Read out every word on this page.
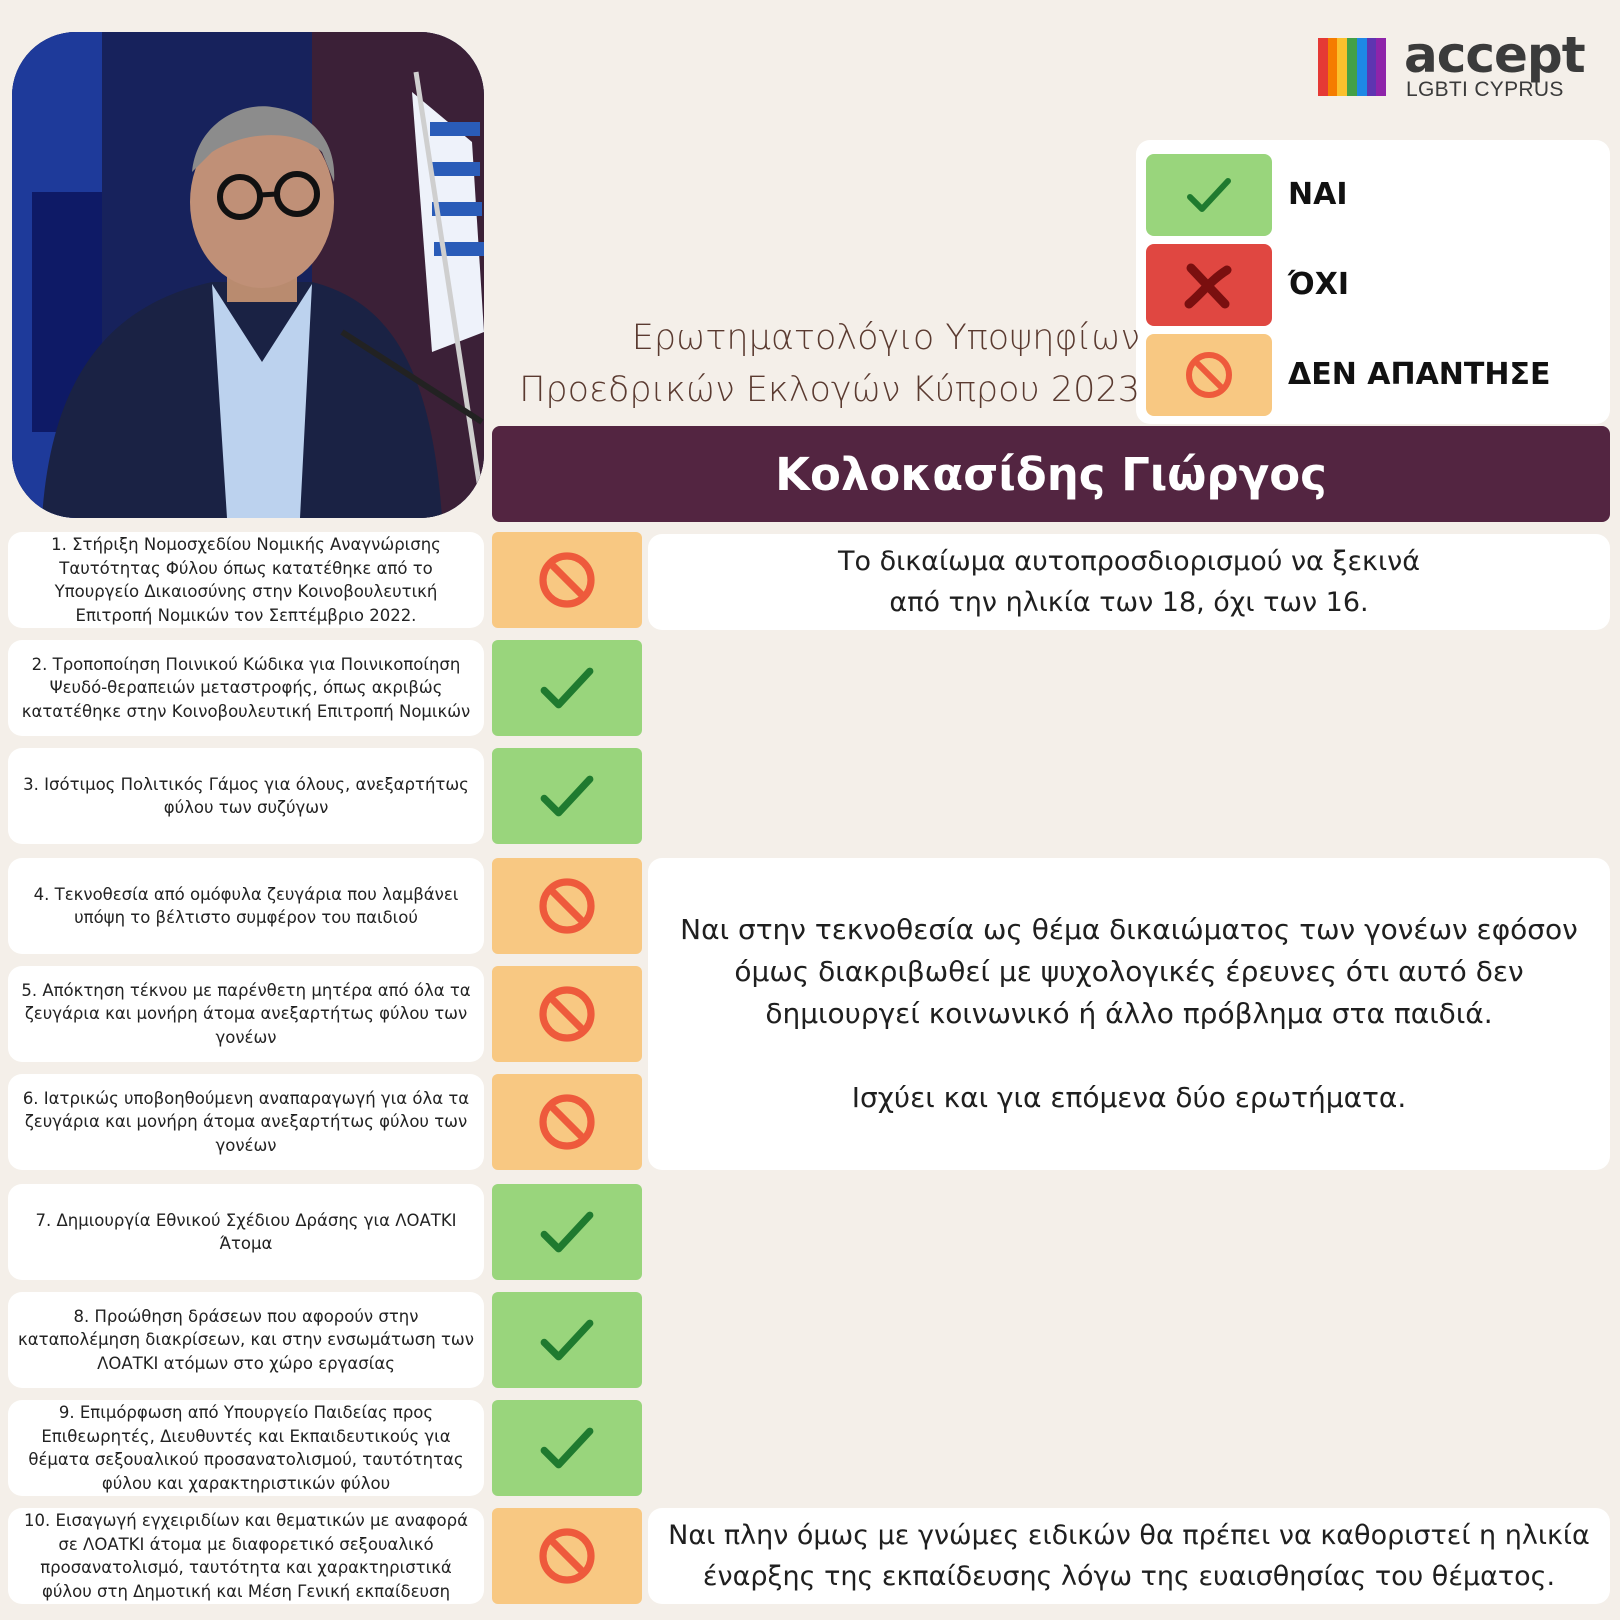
accept
LGBTI CYPRUS
ΝΑΙ
ΌΧΙ
ΔΕΝ ΑΠΑΝΤΗΣΕ
Ερωτηματολόγιο Υποψηφίων
Προεδρικών Εκλογών Κύπρου 2023
Κολοκασίδης Γιώργος
1. Στήριξη Νομοσχεδίου Νομικής Αναγνώρισης Ταυτότητας Φύλου όπως κατατέθηκε από το Υπουργείο Δικαιοσύνης στην Κοινοβουλευτική Επιτροπή Νομικών τον Σεπτέμβριο 2022.
2. Τροποποίηση Ποινικού Κώδικα για Ποινικοποίηση Ψευδό-θεραπειών μεταστροφής, όπως ακριβώς κατατέθηκε στην Κοινοβουλευτική Επιτροπή Νομικών
3. Ισότιμος Πολιτικός Γάμος για όλους, ανεξαρτήτως φύλου των συζύγων
4. Τεκνοθεσία από ομόφυλα ζευγάρια που λαμβάνει υπόψη το βέλτιστο συμφέρον του παιδιού
5. Απόκτηση τέκνου με παρένθετη μητέρα από όλα τα ζευγάρια και μονήρη άτομα ανεξαρτήτως φύλου των γονέων
6. Ιατρικώς υποβοηθούμενη αναπαραγωγή για όλα τα ζευγάρια και μονήρη άτομα ανεξαρτήτως φύλου των γονέων
7. Δημιουργία Εθνικού Σχέδιου Δράσης για ΛΟΑΤΚΙ Άτομα
8. Προώθηση δράσεων που αφορούν στην καταπολέμηση διακρίσεων, και στην ενσωμάτωση των ΛΟΑΤΚΙ ατόμων στο χώρο εργασίας
9. Επιμόρφωση από Υπουργείο Παιδείας προς Επιθεωρητές, Διευθυντές και Εκπαιδευτικούς για θέματα σεξουαλικού προσανατολισμού, ταυτότητας φύλου και χαρακτηριστικών φύλου
10. Εισαγωγή εγχειριδίων και θεματικών με αναφορά σε ΛΟΑΤΚΙ άτομα με διαφορετικό σεξουαλικό προσανατολισμό, ταυτότητα και χαρακτηριστικά φύλου στη Δημοτική και Μέση Γενική εκπαίδευση
Το δικαίωμα αυτοπροσδιορισμού να ξεκινά
από την ηλικία των 18, όχι των 16.
Ναι στην τεκνοθεσία ως θέμα δικαιώματος των γονέων εφόσον όμως διακριβωθεί με ψυχολογικές έρευνες ότι αυτό δεν δημιουργεί κοινωνικό ή άλλο πρόβλημα στα παιδιά.

Ισχύει και για επόμενα δύο ερωτήματα.
Ναι πλην όμως με γνώμες ειδικών θα πρέπει να καθοριστεί η ηλικία έναρξης της εκπαίδευσης λόγω της ευαισθησίας του θέματος.
